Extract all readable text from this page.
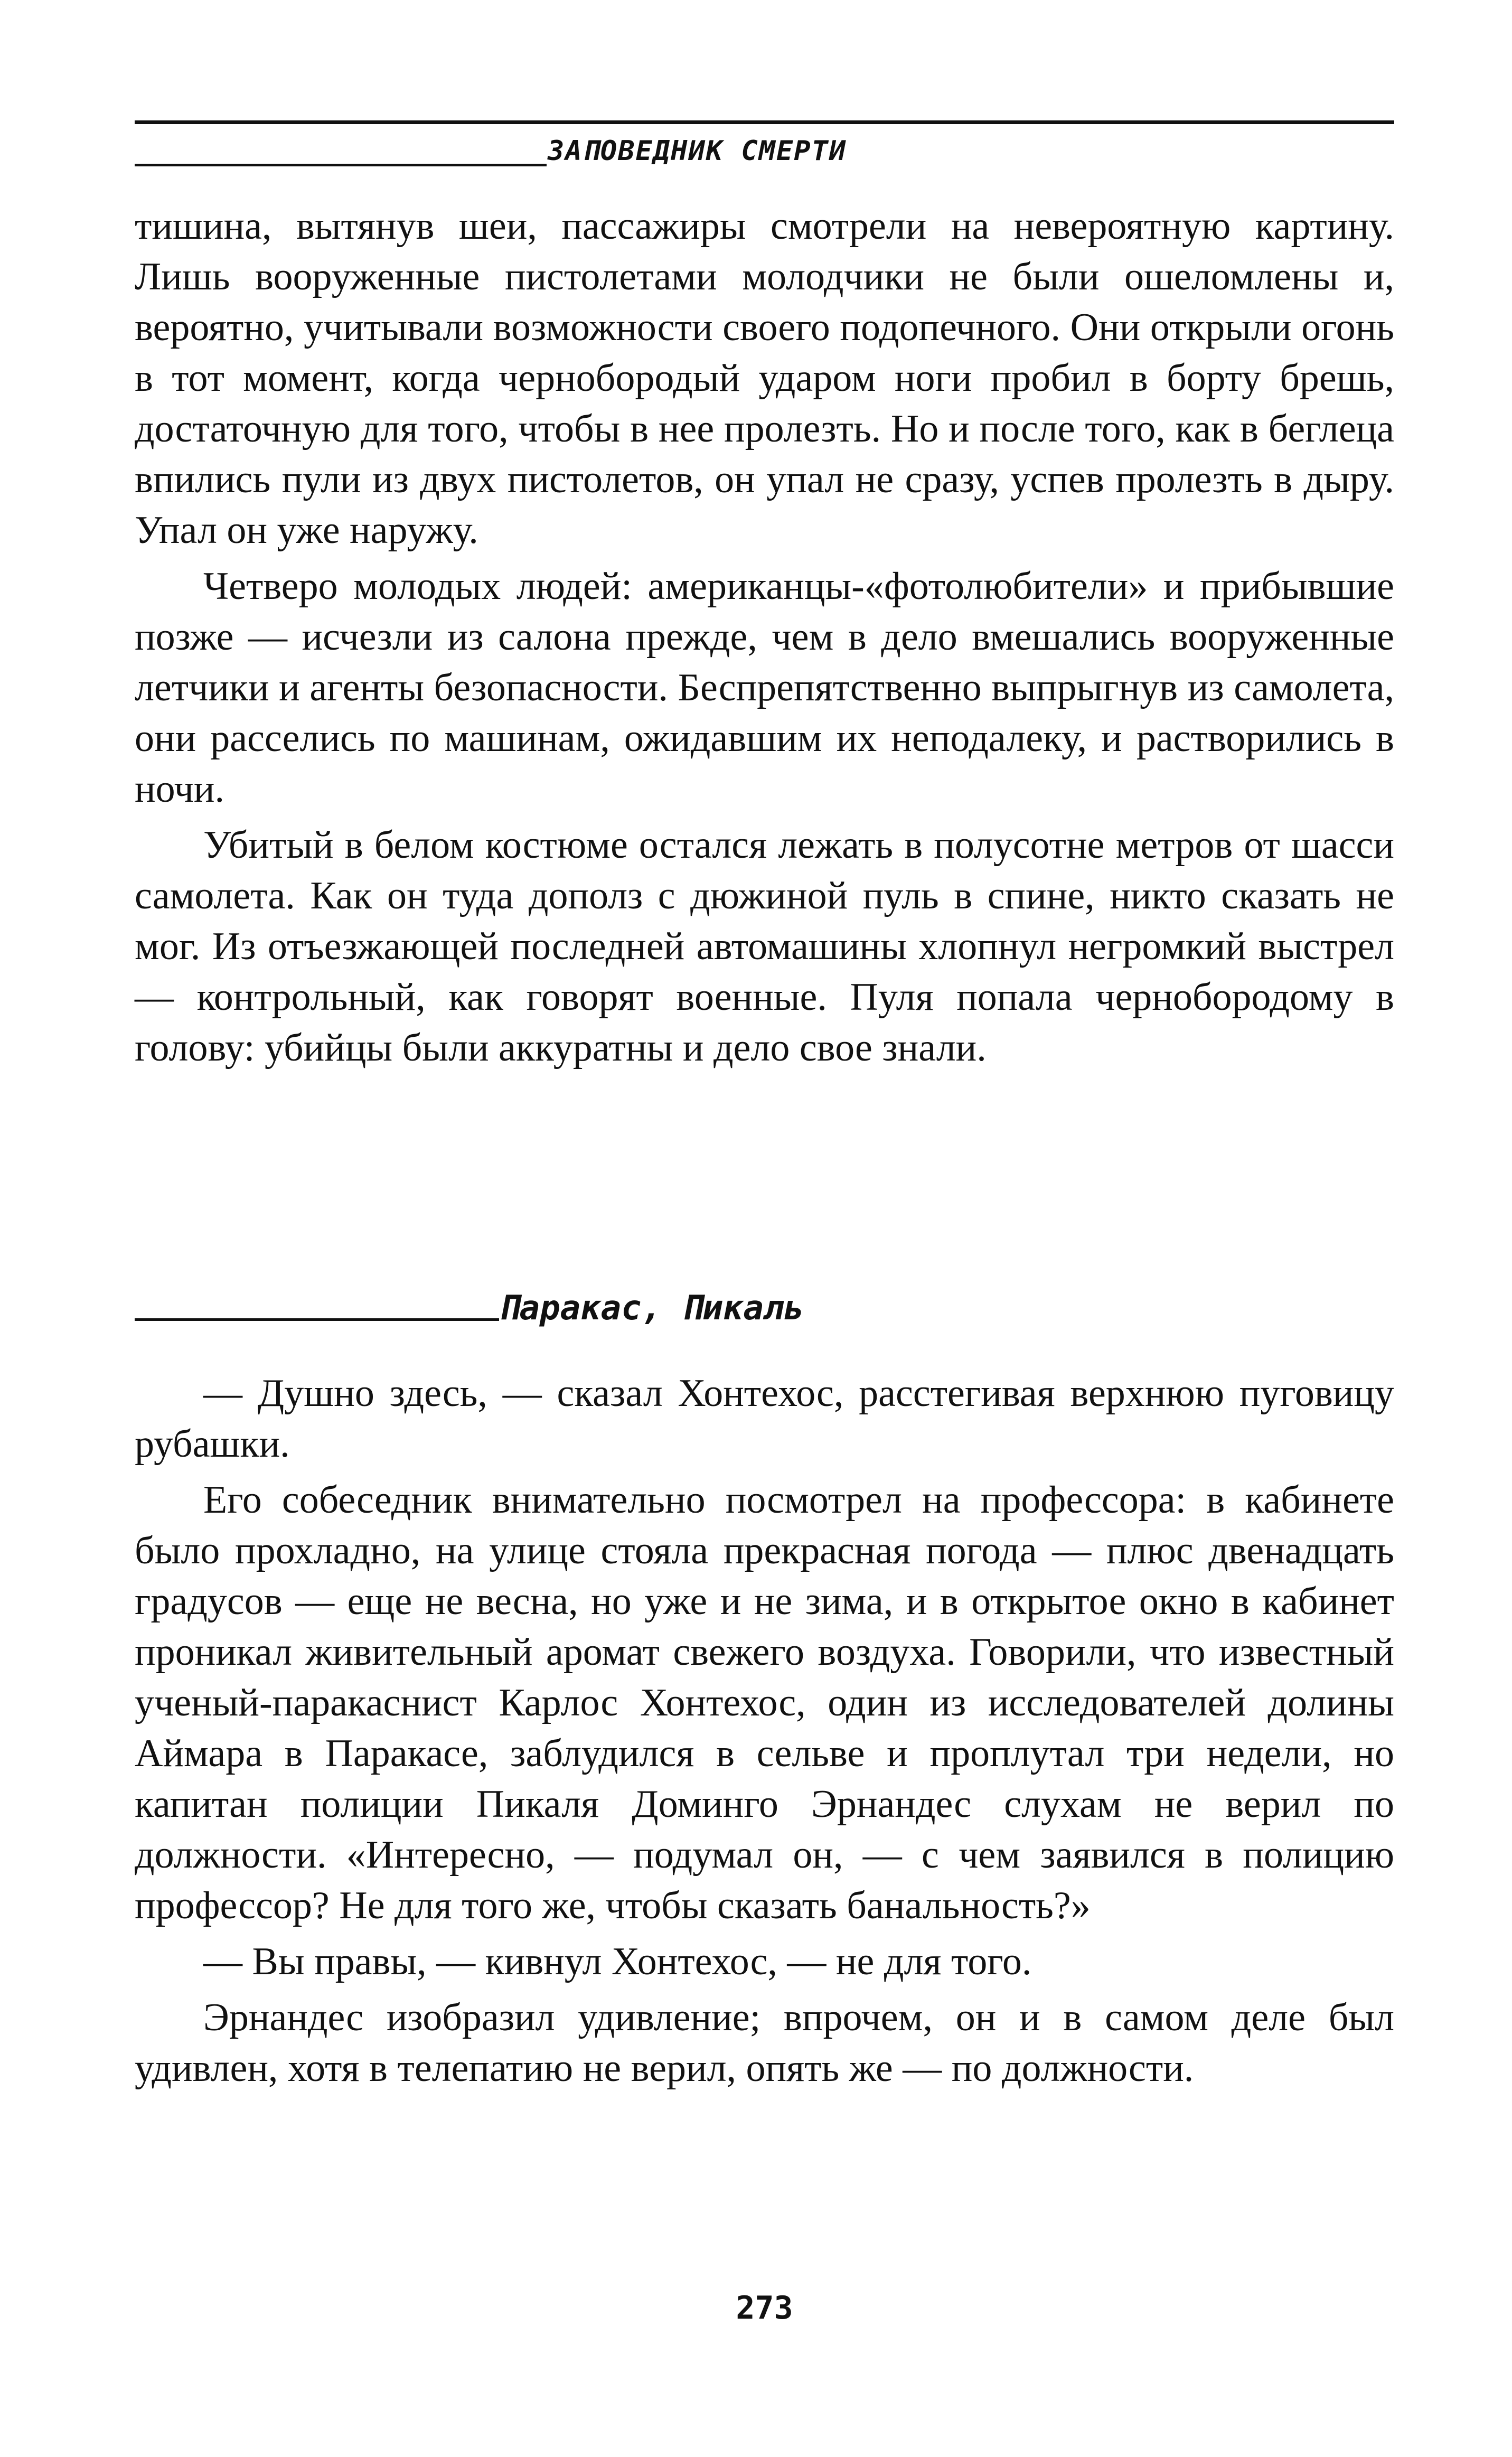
ЗАПОВЕДНИК СМЕРТИ

тишина, вытянув шеи, пассажиры смотрели на невероятную картину. Лишь вооруженные пистолетами молодчики не были ошеломлены и, вероятно, учитывали возможности своего подопечного. Они открыли огонь в тот момент, когда чернобородый ударом ноги пробил в борту брешь, достаточную для того, чтобы в нее пролезть. Но и после того, как в беглеца впились пули из двух пистолетов, он упал не сразу, успев пролезть в дыру. Упал он уже наружу.

Четверо молодых людей: американцы-«фотолюбители» и прибывшие позже — исчезли из салона прежде, чем в дело вмешались вооруженные летчики и агенты безопасности. Беспрепятственно выпрыгнув из самолета, они расселись по машинам, ожидавшим их неподалеку, и растворились в ночи.

Убитый в белом костюме остался лежать в полусотне метров от шасси самолета. Как он туда дополз с дюжиной пуль в спине, никто сказать не мог. Из отъезжающей последней автомашины хлопнул негромкий выстрел — контрольный, как говорят военные. Пуля попала чернобородому в голову: убийцы были аккуратны и дело свое знали.

Паракас, Пикаль

— Душно здесь, — сказал Хонтехос, расстегивая верхнюю пуговицу рубашки.

Его собеседник внимательно посмотрел на профессора: в кабинете было прохладно, на улице стояла прекрасная погода — плюс двенадцать градусов — еще не весна, но уже и не зима, и в открытое окно в кабинет проникал живительный аромат свежего воздуха. Говорили, что известный ученый-паракаснист Карлос Хонтехос, один из исследователей долины Аймара в Паракасе, заблудился в сельве и проплутал три недели, но капитан полиции Пикаля Доминго Эрнандес слухам не верил по должности. «Интересно, — подумал он, — с чем заявился в полицию профессор? Не для того же, чтобы сказать банальность?»

— Вы правы, — кивнул Хонтехос, — не для того.

Эрнандес изобразил удивление; впрочем, он и в самом деле был удивлен, хотя в телепатию не верил, опять же — по должности.

273
